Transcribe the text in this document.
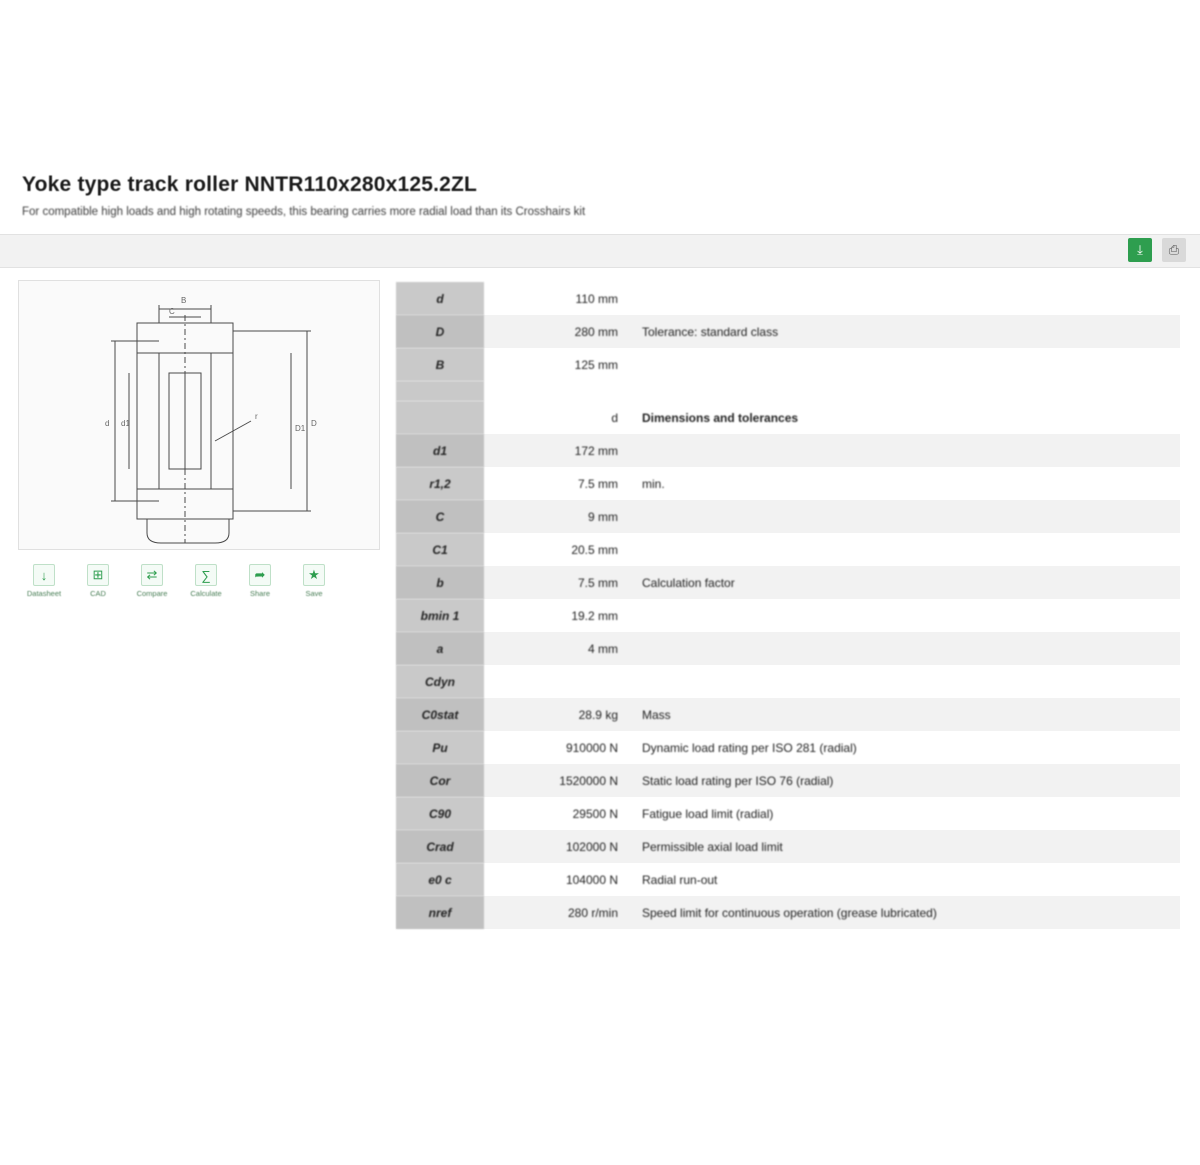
Yoke type track roller NNTR110x280x125.2ZL
For compatible high loads and high rotating speeds, this bearing carries more radial load than its Crosshairs kit
⤓	⎙
B
C
d d1	D
D1
r
↓
Datasheet
⊞
CAD
⇄
Compare
∑
Calculate
➦
Share
★
Save
d	110 mm	
D	280 mm	Tolerance: standard class
B	125 mm	

	d	Dimensions and tolerances
d1	172 mm	
r1,2	7.5 mm	min.
C	9 mm	
C1	20.5 mm	
b	7.5 mm	Calculation factor
bmin 1	19.2 mm	
a	4 mm	
Cdyn		
C0stat	28.9 kg	Mass
Pu	910000 N	Dynamic load rating per ISO 281 (radial)
Cor	1520000 N	Static load rating per ISO 76 (radial)
C90	29500 N	Fatigue load limit (radial)
Crad	102000 N	Permissible axial load limit
e0 c	104000 N	Radial run-out
nref	280 r/min	Speed limit for continuous operation (grease lubricated)
